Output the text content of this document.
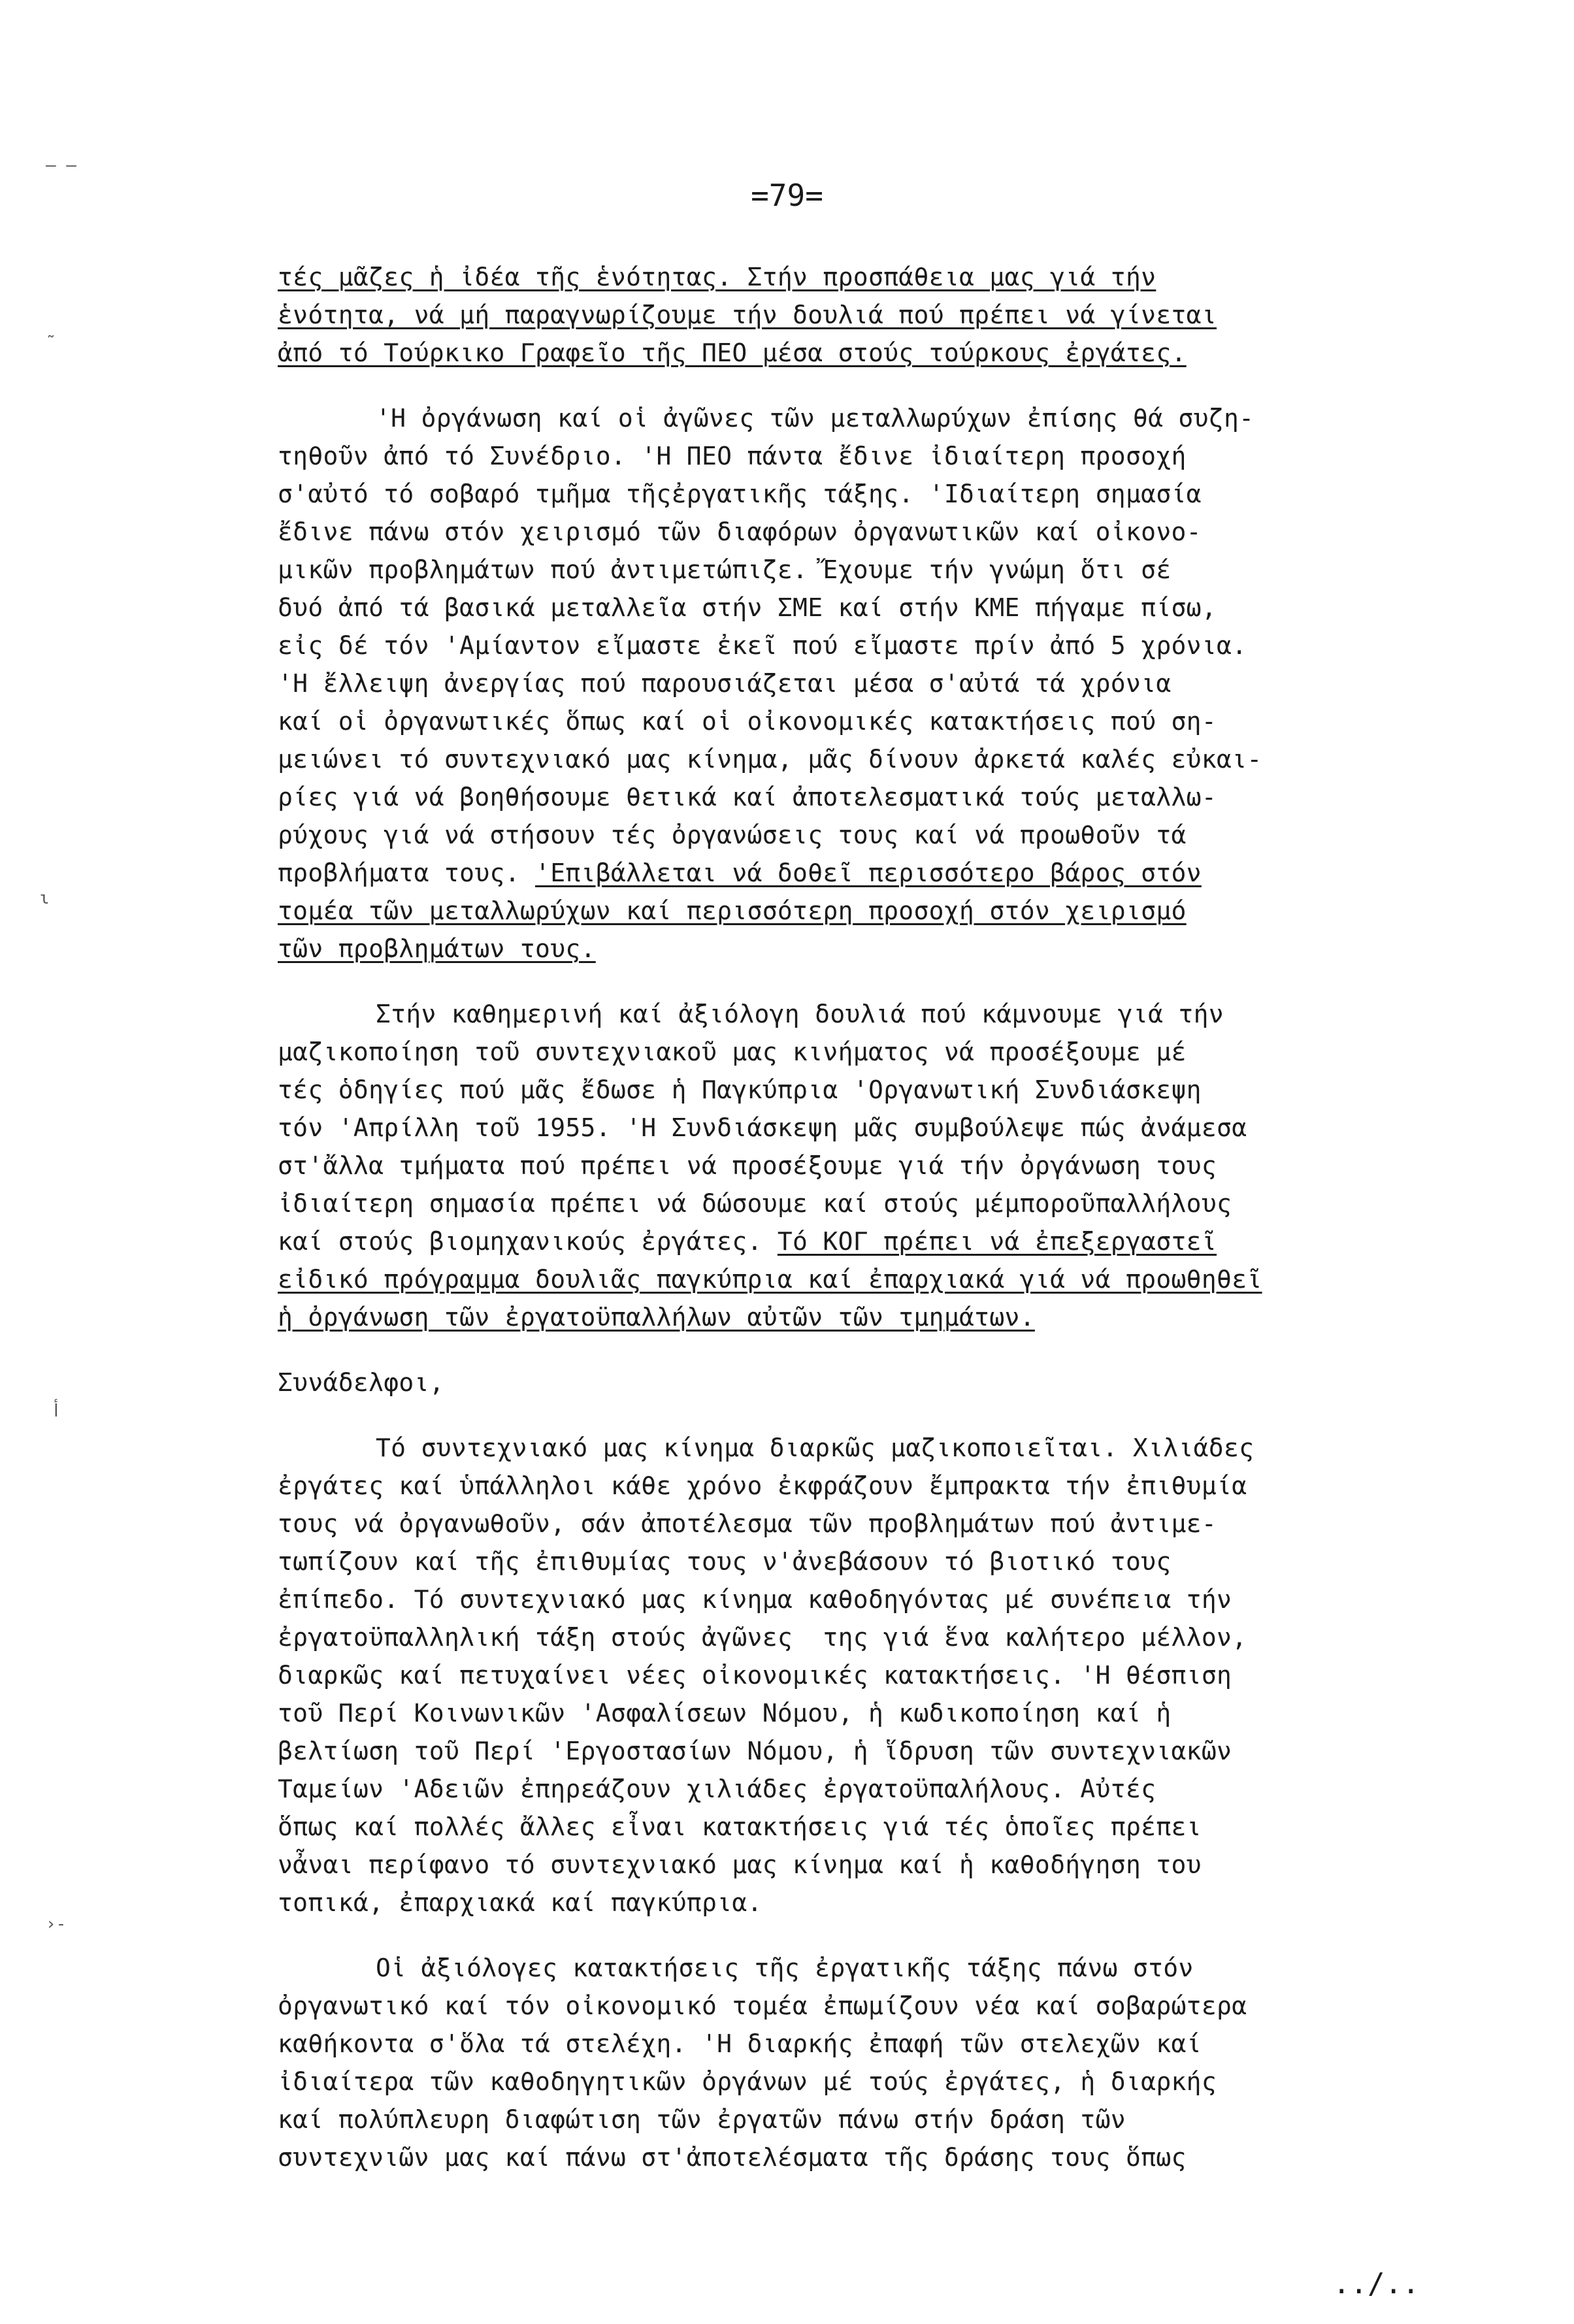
=79=
— —
˜
ɩ
ﺃ
›-
τές μᾶζες ἡ ἰδέα τῆς ἑνότητας. Στήν προσπάθεια μας γιά τήν
ἑνότητα, νά μή παραγνωρίζουμε τήν δουλιά πού πρέπει νά γίνεται
ἀπό τό Τούρκικο Γραφεῖο τῆς ΠΕΟ μέσα στούς τούρκους ἐργάτες.
'Η ὀργάνωση καί οἱ ἀγῶνες τῶν μεταλλωρύχων ἐπίσης θά συζη-
τηθοῦν ἀπό τό Συνέδριο. 'Η ΠΕΟ πάντα ἔδινε ἰδιαίτερη προσοχή
σ'αὐτό τό σοβαρό τμῆμα τῆςἐργατικῆς τάξης. 'Ιδιαίτερη σημασία
ἔδινε πάνω στόν χειρισμό τῶν διαφόρων ὀργανωτικῶν καί οἰκονο-
μικῶν προβλημάτων πού ἀντιμετώπιζε. Ἔχουμε τήν γνώμη ὅτι σέ
δυό ἀπό τά βασικά μεταλλεῖα στήν ΣΜΕ καί στήν ΚΜΕ πήγαμε πίσω,
εἰς δέ τόν 'Αμίαντον εἴμαστε ἐκεῖ πού εἴμαστε πρίν ἀπό 5 χρόνια.
'Η ἔλλειψη ἀνεργίας πού παρουσιάζεται μέσα σ'αὐτά τά χρόνια
καί οἱ ὀργανωτικές ὅπως καί οἱ οἰκονομικές κατακτήσεις πού ση-
μειώνει τό συντεχνιακό μας κίνημα, μᾶς δίνουν ἀρκετά καλές εὐκαι-
ρίες γιά νά βοηθήσουμε θετικά καί ἀποτελεσματικά τούς μεταλλω-
ρύχους γιά νά στήσουν τές ὀργανώσεις τους καί νά προωθοῦν τά
προβλήματα τους. 'Επιβάλλεται νά δοθεῖ περισσότερο βάρος στόν
τομέα τῶν μεταλλωρύχων καί περισσότερη προσοχή στόν χειρισμό
τῶν προβλημάτων τους.
Στήν καθημερινή καί ἀξιόλογη δουλιά πού κάμνουμε γιά τήν
μαζικοποίηση τοῦ συντεχνιακοῦ μας κινήματος νά προσέξουμε μέ
τές ὁδηγίες πού μᾶς ἔδωσε ἡ Παγκύπρια 'Οργανωτική Συνδιάσκεψη
τόν 'Απρίλλη τοῦ 1955. 'Η Συνδιάσκεψη μᾶς συμβούλεψε πώς ἀνάμεσα
στ'ἄλλα τμήματα πού πρέπει νά προσέξουμε γιά τήν ὀργάνωση τους
ἰδιαίτερη σημασία πρέπει νά δώσουμε καί στούς μέμποροῦπαλλήλους
καί στούς βιομηχανικούς ἐργάτες. Τό ΚΟΓ πρέπει νά ἐπεξεργαστεῖ
εἰδικό πρόγραμμα δουλιᾶς παγκύπρια καί ἐπαρχιακά γιά νά προωθηθεῖ
ἡ ὀργάνωση τῶν ἐργατοϋπαλλήλων αὐτῶν τῶν τμημάτων.
Συνάδελφοι,
Τό συντεχνιακό μας κίνημα διαρκῶς μαζικοποιεῖται. Χιλιάδες
ἐργάτες καί ὑπάλληλοι κάθε χρόνο ἐκφράζουν ἔμπρακτα τήν ἐπιθυμία
τους νά ὀργανωθοῦν, σάν ἀποτέλεσμα τῶν προβλημάτων πού ἀντιμε-
τωπίζουν καί τῆς ἐπιθυμίας τους ν'ἀνεβάσουν τό βιοτικό τους
ἐπίπεδο. Τό συντεχνιακό μας κίνημα καθοδηγόντας μέ συνέπεια τήν
ἐργατοϋπαλληλική τάξη στούς ἀγῶνες  της γιά ἕνα καλήτερο μέλλον,
διαρκῶς καί πετυχαίνει νέες οἰκονομικές κατακτήσεις. 'Η θέσπιση
τοῦ Περί Κοινωνικῶν 'Ασφαλίσεων Νόμου, ἡ κωδικοποίηση καί ἡ
βελτίωση τοῦ Περί 'Εργοστασίων Νόμου, ἡ ἵδρυση τῶν συντεχνιακῶν
Ταμείων 'Αδειῶν ἐπηρεάζουν χιλιάδες ἐργατοϋπαλήλους. Αὐτές
ὅπως καί πολλές ἄλλες εἶναι κατακτήσεις γιά τές ὁποῖες πρέπει
νἆναι περίφανο τό συντεχνιακό μας κίνημα καί ἡ καθοδήγηση του
τοπικά, ἐπαρχιακά καί παγκύπρια.
Οἱ ἀξιόλογες κατακτήσεις τῆς ἐργατικῆς τάξης πάνω στόν
ὀργανωτικό καί τόν οἰκονομικό τομέα ἐπωμίζουν νέα καί σοβαρώτερα
καθήκοντα σ'ὅλα τά στελέχη. 'Η διαρκής ἐπαφή τῶν στελεχῶν καί
ἰδιαίτερα τῶν καθοδηγητικῶν ὀργάνων μέ τούς ἐργάτες, ἡ διαρκής
καί πολύπλευρη διαφώτιση τῶν ἐργατῶν πάνω στήν δράση τῶν
συντεχνιῶν μας καί πάνω στ'ἀποτελέσματα τῆς δράσης τους ὅπως
../..
